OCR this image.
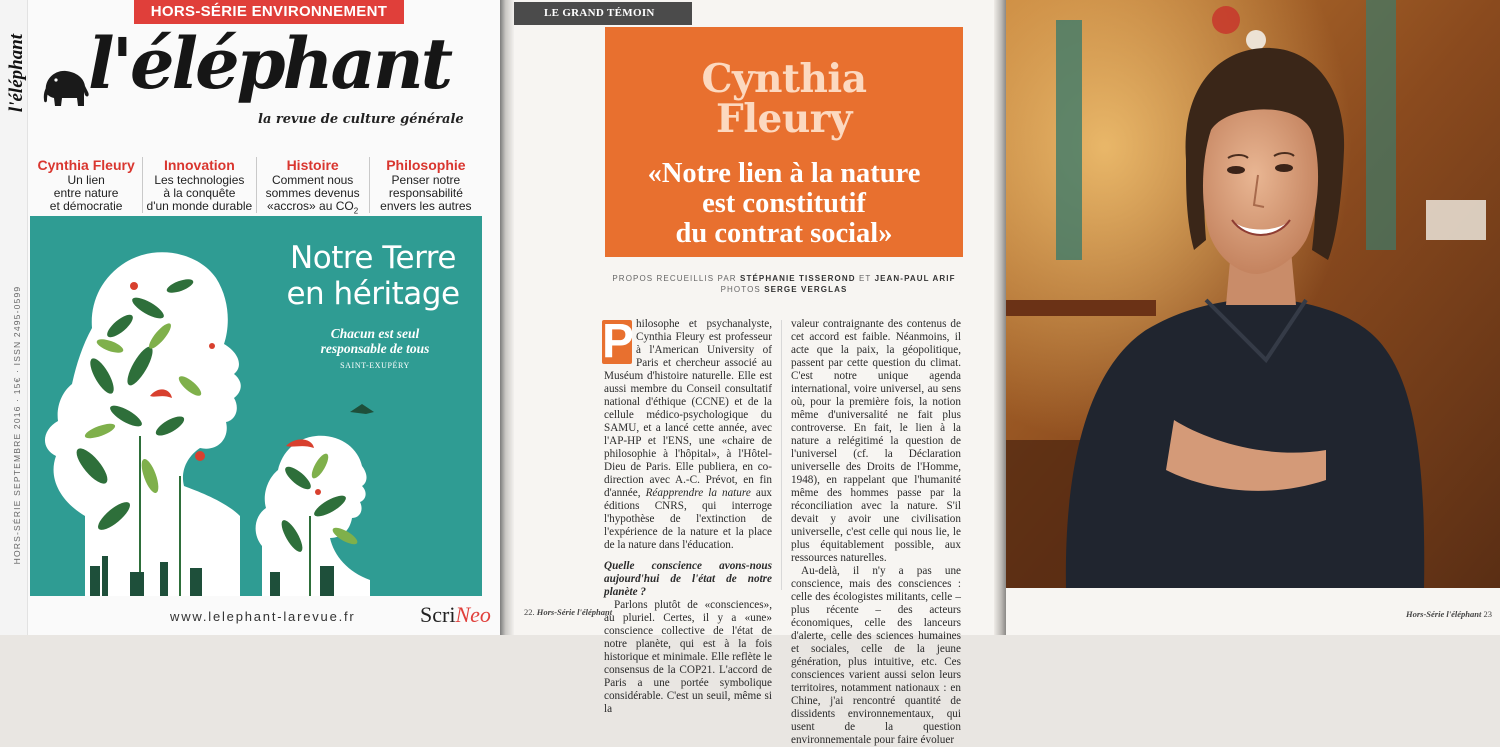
l'éléphant
HORS-SÉRIE SEPTEMBRE 2016 · 15€ · ISSN 2495-0599
HORS-SÉRIE ENVIRONNEMENT
l'éléphant
la revue de culture générale
Cynthia Fleury
Un lien
entre nature
et démocratie
Innovation
Les technologies
à la conquête
d'un monde durable
Histoire
Comment nous
sommes devenus
«accros» au $CO_2$
Philosophie
Penser notre
responsabilité
envers les autres
Notre Terre
en héritage
Chacun est seul
responsable de tous
SAINT-EXUPÉRY
www.lelephant-larevue.fr	ScriNeo
LE GRAND TÉMOIN
Cynthia
Fleury
«Notre lien à la nature
est constitutif
du contrat social»
PROPOS RECUEILLIS PAR STÉPHANIE TISSEROND ET JEAN-PAUL ARIF
PHOTOS SERGE VERGLAS
P hilosophe et psychanalyste, Cynthia Fleury est professeur à l'American University of Paris et chercheur associé au Muséum d'histoire naturelle. Elle est aussi membre du Conseil consultatif national d'éthique (CCNE) et de la cellule médico-psychologique du SAMU, et a lancé cette année, avec l'AP-HP et l'ENS, une «chaire de philosophie à l'hôpital», à l'Hôtel-Dieu de Paris. Elle publiera, en co-direction avec A.-C. Prévot, en fin d'année, Réapprendre la nature aux éditions CNRS, qui interroge l'hypothèse de l'extinction de l'expérience de la nature et la place de la nature dans l'éducation.

Quelle conscience avons-nous aujourd'hui de l'état de notre planète ?

Parlons plutôt de «consciences», au pluriel. Certes, il y a «une» conscience collective de l'état de notre planète, qui est à la fois historique et minimale. Elle reflète le consensus de la COP21. L'accord de Paris a une portée symbolique considérable. C'est un seuil, même si la

valeur contraignante des contenus de cet accord est faible. Néanmoins, il acte que la paix, la géopolitique, passent par cette question du climat. C'est notre unique agenda international, voire universel, au sens où, pour la première fois, la notion même d'universalité ne fait plus controverse. En fait, le lien à la nature a relégitimé la question de l'universel (cf. la Déclaration universelle des Droits de l'Homme, 1948), en rappelant que l'humanité même des hommes passe par la réconciliation avec la nature. S'il devait y avoir une civilisation universelle, c'est celle qui nous lie, le plus équitablement possible, aux ressources naturelles.

Au-delà, il n'y a pas une conscience, mais des consciences : celle des écologistes militants, celle – plus récente – des acteurs économiques, celle des lanceurs d'alerte, celle des sciences humaines et sociales, celle de la jeune génération, plus intuitive, etc. Ces consciences varient aussi selon leurs territoires, notamment nationaux : en Chine, j'ai rencontré quantité de dissidents environnementaux, qui usent de la question environnementale pour faire évoluer

22. Hors-Série l'éléphant	Hors-Série l'éléphant 23
